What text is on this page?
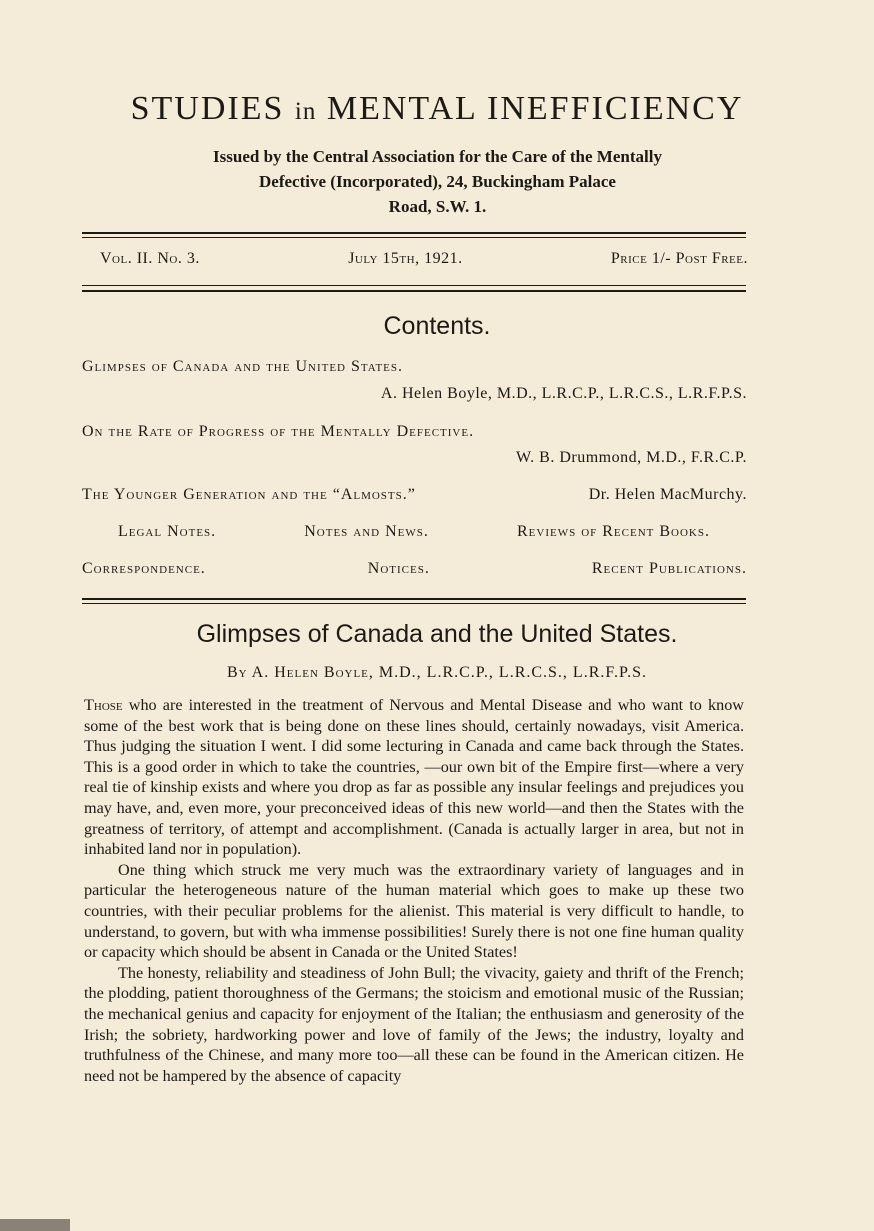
STUDIES in MENTAL INEFFICIENCY
Issued by the Central Association for the Care of the Mentally
Defective (Incorporated), 24, Buckingham Palace
Road, S.W. 1.
Vol. II. No. 3.	July 15th, 1921.	Price 1/- Post Free.
Contents.
Glimpses of Canada and the United States.
A. Helen Boyle, M.D., L.R.C.P., L.R.C.S., L.R.F.P.S.
On the Rate of Progress of the Mentally Defective.
W. B. Drummond, M.D., F.R.C.P.
The Younger Generation and the “Almosts.”	Dr. Helen MacMurchy.
Legal Notes.	Notes and News.	Reviews of Recent Books.
Correspondence.	Notices.	Recent Publications.
Glimpses of Canada and the United States.
By A. Helen Boyle, M.D., L.R.C.P., L.R.C.S., L.R.F.P.S.

Those who are interested in the treatment of Nervous and Mental Disease and who want to know some of the best work that is being done on these lines should, certainly nowadays, visit America. Thus judging the situation I went. I did some lecturing in Canada and came back through the States. This is a good order in which to take the countries, —our own bit of the Empire first—where a very real tie of kinship exists and where you drop as far as possible any insular feelings and prejudices you may have, and, even more, your preconceived ideas of this new world—and then the States with the greatness of territory, of attempt and accomplishment. (Canada is actually larger in area, but not in inhabited land nor in population).

One thing which struck me very much was the extraordinary variety of languages and in particular the heterogeneous nature of the human material which goes to make up these two countries, with their peculiar problems for the alienist. This material is very difficult to handle, to understand, to govern, but with wha immense possibilities! Surely there is not one fine human quality or capacity which should be absent in Canada or the United States!

The honesty, reliability and steadiness of John Bull; the vivacity, gaiety and thrift of the French; the plodding, patient thoroughness of the Germans; the stoicism and emotional music of the Russian; the mechanical genius and capacity for enjoyment of the Italian; the enthusiasm and generosity of the Irish; the sobriety, hardworking power and love of family of the Jews; the industry, loyalty and truthfulness of the Chinese, and many more too—all these can be found in the American citizen. He need not be hampered by the absence of capacity
